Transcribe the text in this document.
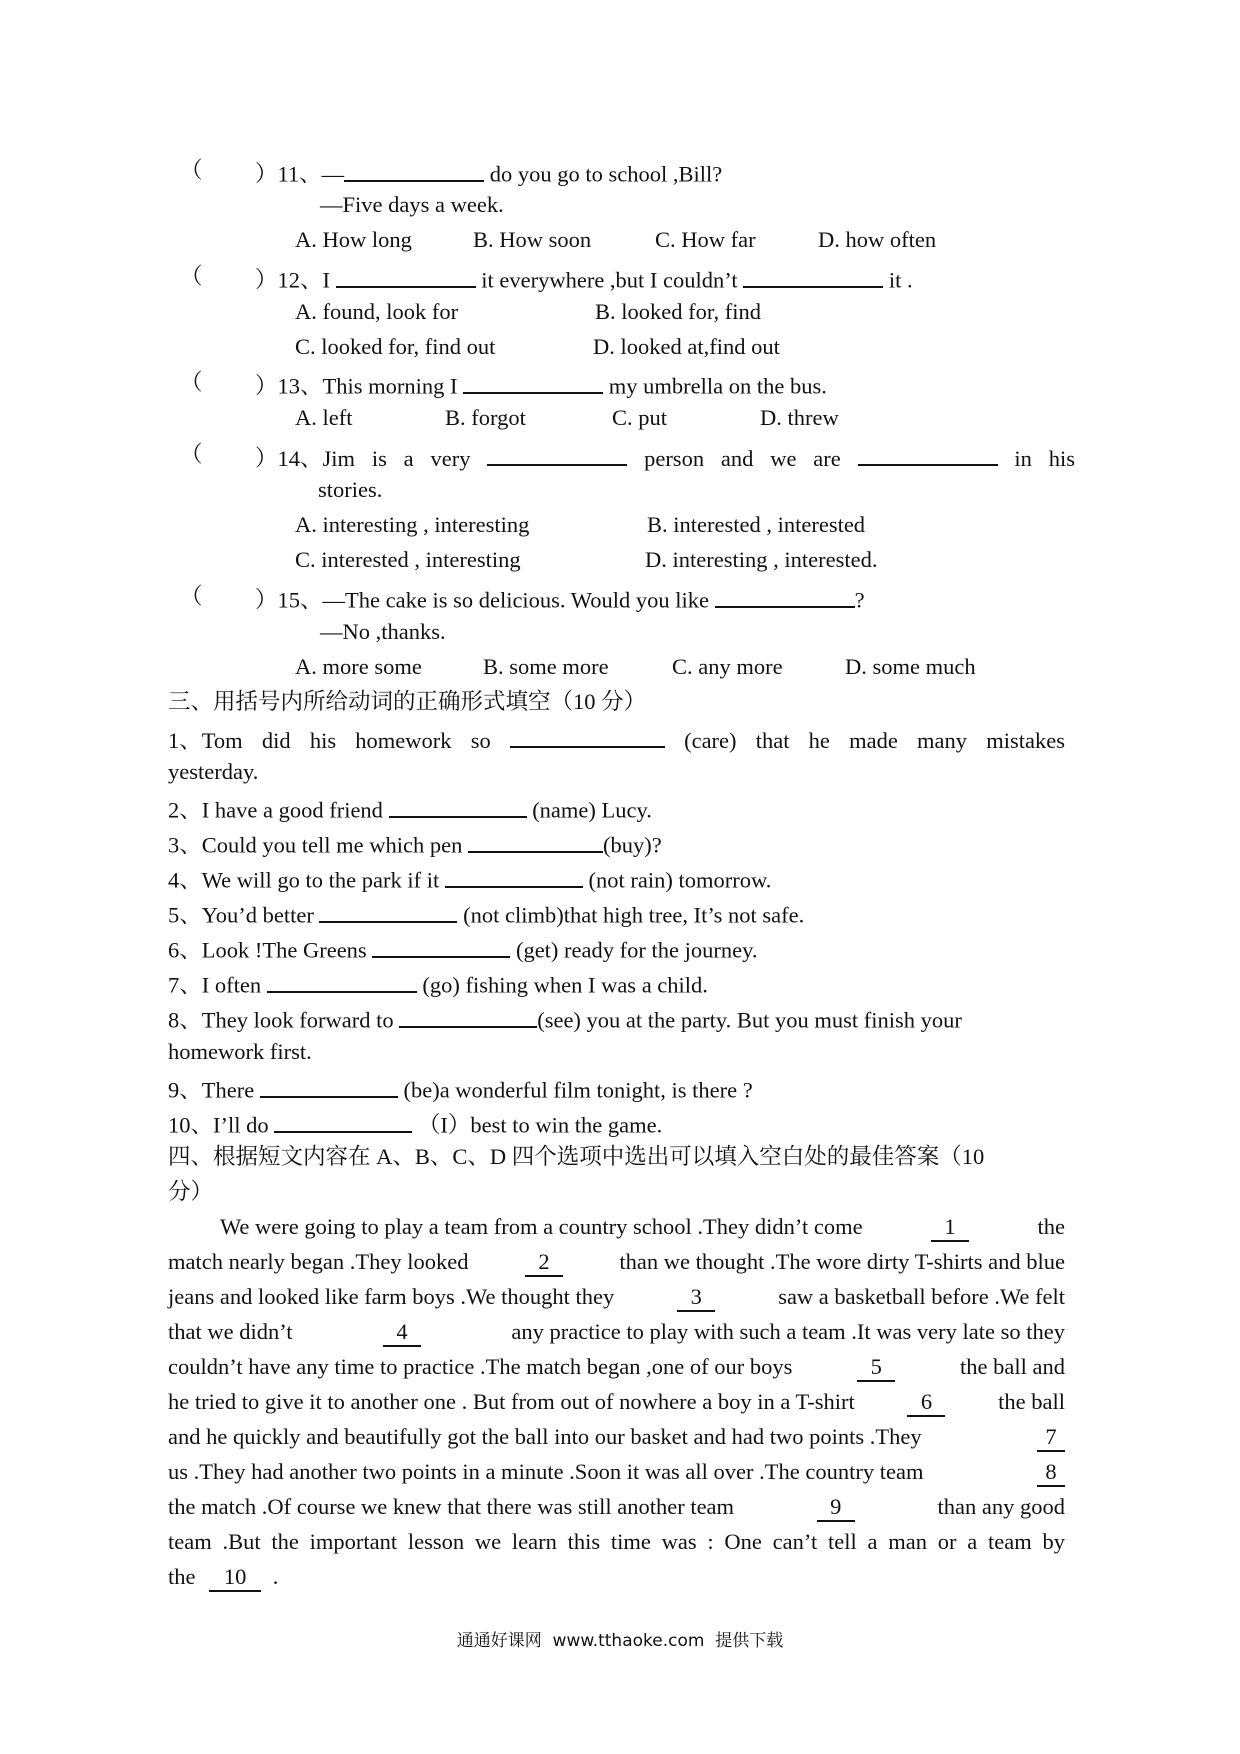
（ ）11、—	do you go to school ,Bill?
—Five days a week.
A. How long	B. How soon	C. How far	D. how often
（ ）12、I	it everywhere ,but I couldn’t	it .
A. found, look for	B. looked for, find
C. looked for, find out	D. looked at,find out
（ ）13、This morning I	my umbrella on the bus.
A. left	B. forgot	C. put	D. threw
（ ）14、Jim is a very	person and we are	in his
stories.
A. interesting , interesting	B. interested , interested
C. interested , interesting	D. interesting , interested.
（ ）15、—The cake is so delicious. Would you like	?
—No ,thanks.
A. more some	B. some more	C. any more	D. some much
三、用括号内所给动词的正确形式填空（10 分）
1、Tom did his homework so	(care) that he made many mistakes
yesterday.
2、I have a good friend	(name) Lucy.
3、Could you tell me which pen	(buy)?
4、We will go to the park if it	(not rain) tomorrow.
5、You’d better	(not climb)that high tree, It’s not safe.
6、Look !The Greens	(get) ready for the journey.
7、I often	(go) fishing when I was a child.
8、They look forward to	(see) you at the party. But you must finish your
homework first.
9、There	(be)a wonderful film tonight, is there ?
10、I’ll do	（I）best to win the game.
四、根据短文内容在 A、B、C、D 四个选项中选出可以填入空白处的最佳答案（10
分）
We were going to play a team from a country school .They didn’t come	1	the
match nearly began .They looked	2	than we thought .The wore dirty T-shirts and blue
jeans and looked like farm boys .We thought they	3	saw a basketball before .We felt
that we didn’t	4	any practice to play with such a team .It was very late so they
couldn’t have any time to practice .The match began ,one of our boys	5	the ball and
he tried to give it to another one . But from out of nowhere a boy in a T-shirt	6	the ball
and he quickly and beautifully got the ball into our basket and had two points .They	7
us .They had another two points in a minute .Soon it was all over .The country team	8
the match .Of course we knew that there was still another team	9	than any good
team .But the important lesson we learn this time was : One can’t tell a man or a team by
the 10 .
通通好课网  www.tthaoke.com  提供下载
